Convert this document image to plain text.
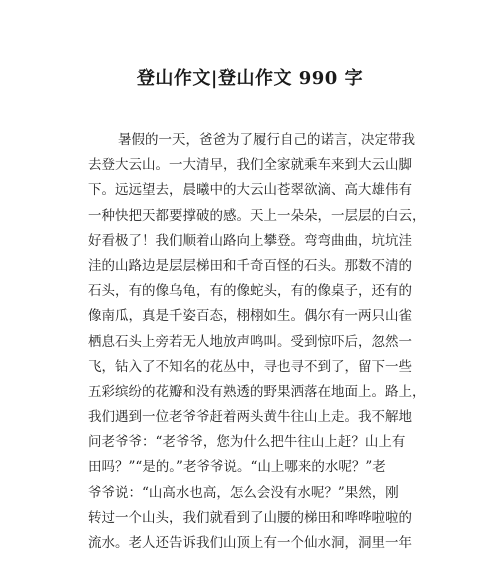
登山作文|登山作文 990 字
暑假的一天，爸爸为了履行自己的诺言，决定带我
去登大云山。一大清早，我们全家就乘车来到大云山脚
下。远远望去，晨曦中的大云山苍翠欲滴、高大雄伟有
一种快把天都要撑破的感。天上一朵朵，一层层的白云，
好看极了！我们顺着山路向上攀登。弯弯曲曲，坑坑洼
洼的山路边是层层梯田和千奇百怪的石头。那数不清的
石头，有的像乌龟，有的像蛇头，有的像桌子，还有的
像南瓜，真是千姿百态，栩栩如生。偶尔有一两只山雀
栖息石头上旁若无人地放声鸣叫。受到惊吓后，忽然一
飞，钻入了不知名的花丛中，寻也寻不到了，留下一些
五彩缤纷的花瓣和没有熟透的野果洒落在地面上。路上，
我们遇到一位老爷爷赶着两头黄牛往山上走。我不解地
问老爷爷：“老爷爷，您为什么把牛往山上赶？山上有
田吗？”“是的。”老爷爷说。“山上哪来的水呢？”老
爷爷说：“山高水也高，怎么会没有水呢？”果然，刚
转过一个山头，我们就看到了山腰的梯田和哗哗啦啦的
流水。老人还告诉我们山顶上有一个仙水洞，洞里一年
